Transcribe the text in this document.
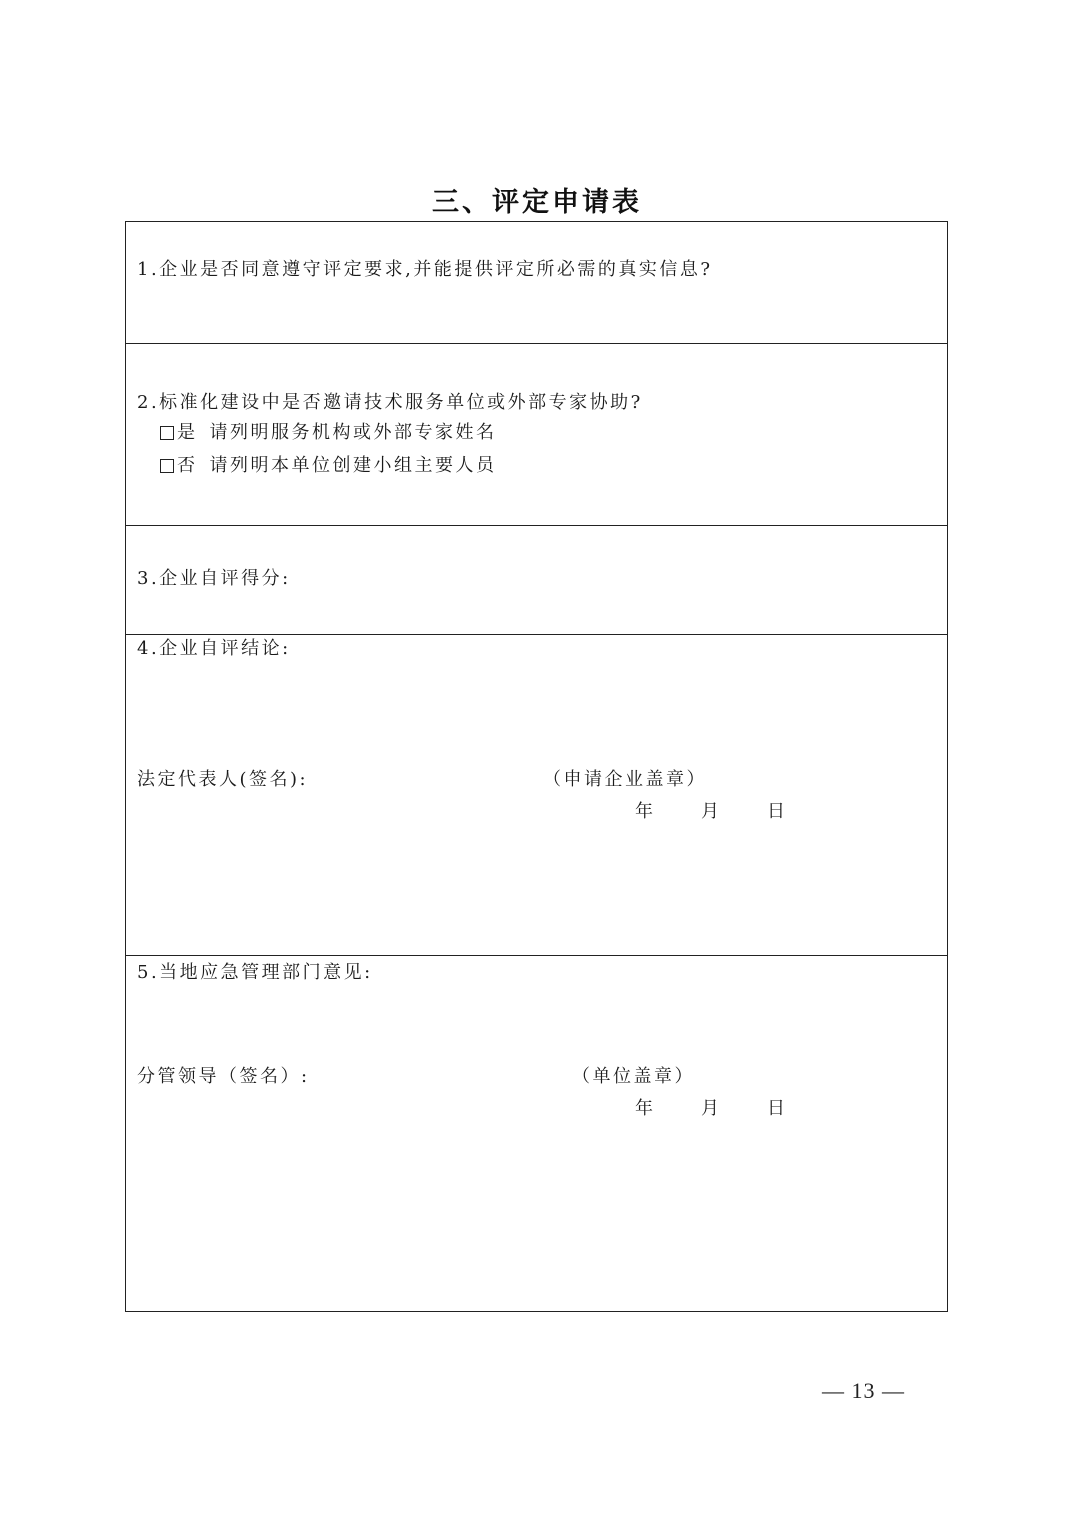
三、评定申请表
1.企业是否同意遵守评定要求,并能提供评定所必需的真实信息?
2.标准化建设中是否邀请技术服务单位或外部专家协助?
是 请列明服务机构或外部专家姓名
否 请列明本单位创建小组主要人员
3.企业自评得分:
4.企业自评结论:
法定代表人(签名):	（申请企业盖章）
年	月	日
5.当地应急管理部门意见:
分管领导（签名）:	（单位盖章）
年	月	日
— 13 —
